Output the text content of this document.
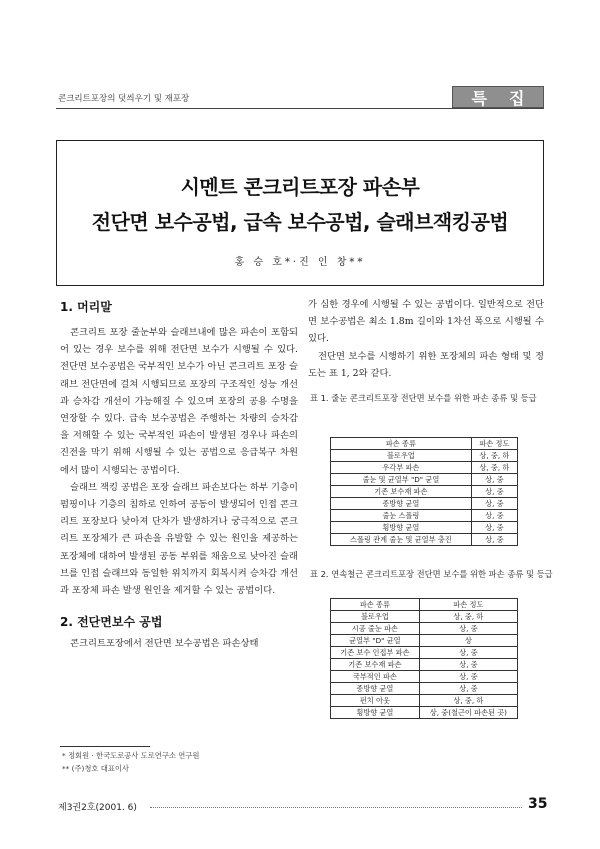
콘크리트포장의 덧씌우기 및 재포장	특집
시멘트 콘크리트포장 파손부
전단면 보수공법, 급속 보수공법, 슬래브잭킹공법
홍 승 호*·진 인 창**
1. 머리말

콘크리트 포장 줄눈부와 슬래브내에 많은 파손이 포함되어 있는 경우 보수를 위해 전단면 보수가 시행될 수 있다. 전단면 보수공법은 국부적인 보수가 아닌 콘크리트 포장 슬래브 전단면에 걸쳐 시행되므로 포장의 구조적인 성능 개선과 승차감 개선이 가능해질 수 있으며 포장의 공용 수명을 연장할 수 있다. 급속 보수공법은 주행하는 차량의 승차감을 저해할 수 있는 국부적인 파손이 발생된 경우나 파손의 진전을 막기 위해 시행될 수 있는 공법으로 응급복구 차원에서 많이 시행되는 공법이다.

슬래브 잭킹 공법은 포장 슬래브 파손보다는 하부 기층이 펌핑이나 기층의 침하로 인하여 공동이 발생되어 인접 콘크리트 포장보다 낮아져 단차가 발생하거나 궁극적으로 콘크리트 포장체가 큰 파손을 유발할 수 있는 원인을 제공하는 포장체에 대하여 발생된 공동 부위를 채움으로 낮아진 슬래브를 인접 슬래브와 동일한 위치까지 회복시켜 승차감 개선과 포장체 파손 발생 원인을 제거할 수 있는 공법이다.

2. 전단면보수 공법

콘크리트포장에서 전단면 보수공법은 파손상태

가 심한 경우에 시행될 수 있는 공법이다. 일반적으로 전단면 보수공법은 최소 1.8m 길이와 1차선 폭으로 시행될 수 있다.

전단면 보수를 시행하기 위한 포장체의 파손 형태 및 정도는 표 1, 2와 같다.

표 1. 줄눈 콘크리트포장 전단면 보수를 위한 파손 종류 및 등급

파손 종류	파손 정도
블로우업	상, 중, 하
우각부 파손	상, 중, 하
줄눈 및 균열부 "D" 균열	상, 중
기존 보수재 파손	상, 중
종방향 균열	상, 중
줄눈 스폴링	상, 중
횡방향 균열	상, 중
스폴링 관계 줄눈 및 균열부 충진	상, 중

표 2. 연속철근 콘크리트포장 전단면 보수를 위한 파손 종류 및 등급

파손 종류	파손 정도
블로우업	상, 중, 하
시공 줄눈 파손	상, 중
균열부 "D" 균열	상
기존 보수 인접부 파손	상, 중
기존 보수재 파손	상, 중
국부적인 파손	상, 중
종방향 균열	상, 중
펀치 아웃	상, 중, 하
횡방향 균열	상, 중(철근이 파손된 곳)
* 정회원 · 한국도로공사 도로연구소 연구원
** (주)청호 대표이사
제3권2호(2001. 6)	35
